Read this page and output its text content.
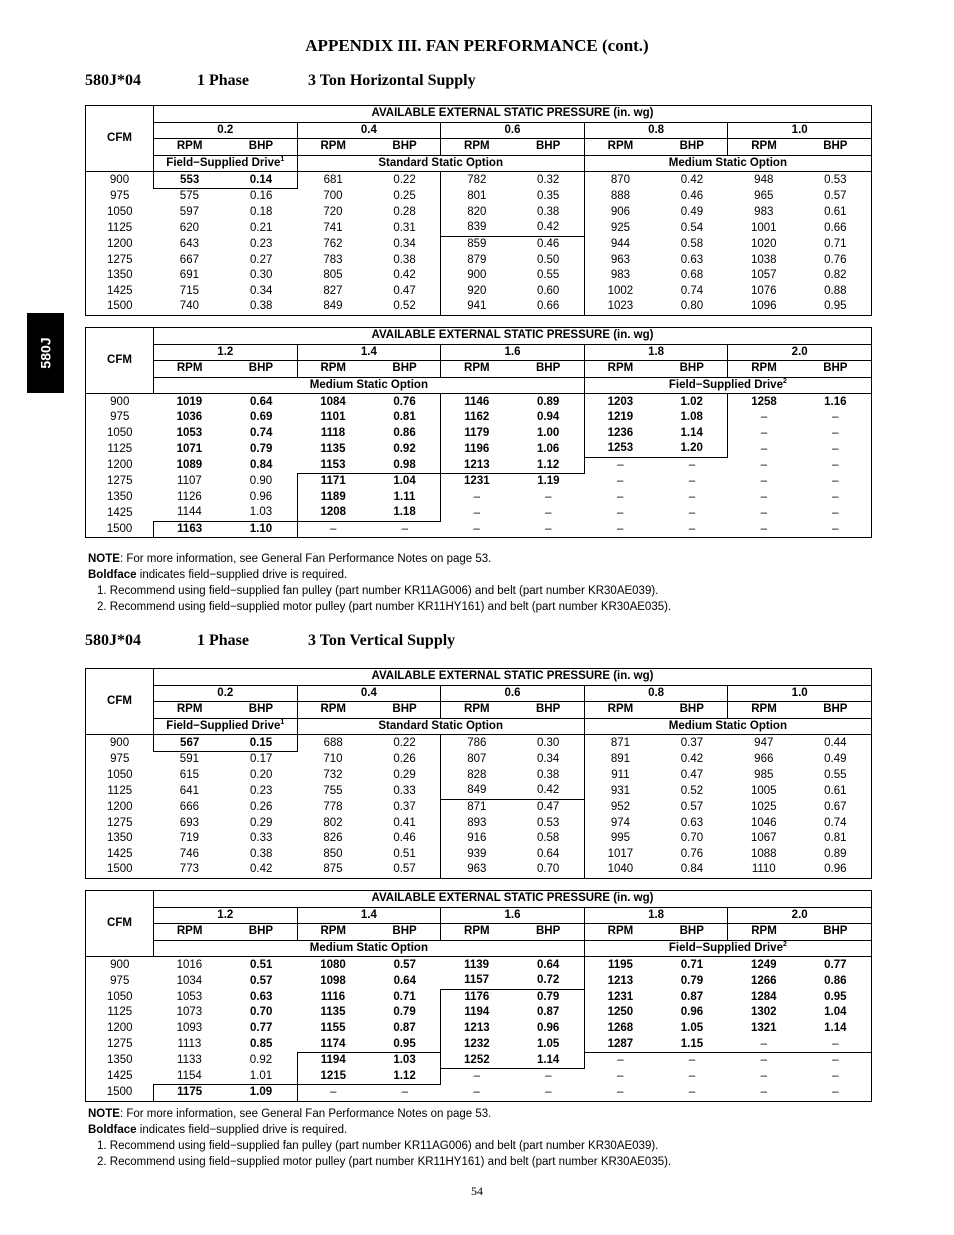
APPENDIX III. FAN PERFORMANCE (cont.)
580J
580J*04	1 Phase	3 Ton Horizontal Supply
CFM	AVAILABLE EXTERNAL STATIC PRESSURE (in. wg)									
	0.2		0.4		0.6		0.8		1.0	
	RPM	BHP	RPM	BHP	RPM	BHP	RPM	BHP	RPM	BHP
	Field−Supplied Drive$^1$		Standard Static Option				Medium Static Option			
900	553	0.14	681	0.22	782	0.32	870	0.42	948	0.53
975	575	0.16	700	0.25	801	0.35	888	0.46	965	0.57
1050	597	0.18	720	0.28	820	0.38	906	0.49	983	0.61
1125	620	0.21	741	0.31	839	0.42	925	0.54	1001	0.66
1200	643	0.23	762	0.34	859	0.46	944	0.58	1020	0.71
1275	667	0.27	783	0.38	879	0.50	963	0.63	1038	0.76
1350	691	0.30	805	0.42	900	0.55	983	0.68	1057	0.82
1425	715	0.34	827	0.47	920	0.60	1002	0.74	1076	0.88
1500	740	0.38	849	0.52	941	0.66	1023	0.80	1096	0.95
CFM	AVAILABLE EXTERNAL STATIC PRESSURE (in. wg)									
	1.2		1.4		1.6		1.8		2.0	
	RPM	BHP	RPM	BHP	RPM	BHP	RPM	BHP	RPM	BHP
	Medium Static Option						Field−Supplied Drive$^2$
900	1019	0.64	1084	0.76	1146	0.89	1203	1.02	1258	1.16
975	1036	0.69	1101	0.81	1162	0.94	1219	1.08	–	–
1050	1053	0.74	1118	0.86	1179	1.00	1236	1.14	–	–
1125	1071	0.79	1135	0.92	1196	1.06	1253	1.20	–	–
1200	1089	0.84	1153	0.98	1213	1.12	–	–	–	–
1275	1107	0.90	1171	1.04	1231	1.19	–	–	–	–
1350	1126	0.96	1189	1.11	–	–	–	–	–	–
1425	1144	1.03	1208	1.18	–	–	–	–	–	–
1500	1163	1.10	–	–	–	–	–	–	–	–
NOTE: For more information, see General Fan Performance Notes on page 53.
Boldface indicates field−supplied drive is required.
1. Recommend using field−supplied fan pulley (part number KR11AG006) and belt (part number KR30AE039).
2. Recommend using field−supplied motor pulley (part number KR11HY161) and belt (part number KR30AE035).
580J*04	1 Phase	3 Ton Vertical Supply
CFM	AVAILABLE EXTERNAL STATIC PRESSURE (in. wg)									
	0.2		0.4		0.6		0.8		1.0	
	RPM	BHP	RPM	BHP	RPM	BHP	RPM	BHP	RPM	BHP
	Field−Supplied Drive$^1$		Standard Static Option				Medium Static Option			
900	567	0.15	688	0.22	786	0.30	871	0.37	947	0.44
975	591	0.17	710	0.26	807	0.34	891	0.42	966	0.49
1050	615	0.20	732	0.29	828	0.38	911	0.47	985	0.55
1125	641	0.23	755	0.33	849	0.42	931	0.52	1005	0.61
1200	666	0.26	778	0.37	871	0.47	952	0.57	1025	0.67
1275	693	0.29	802	0.41	893	0.53	974	0.63	1046	0.74
1350	719	0.33	826	0.46	916	0.58	995	0.70	1067	0.81
1425	746	0.38	850	0.51	939	0.64	1017	0.76	1088	0.89
1500	773	0.42	875	0.57	963	0.70	1040	0.84	1110	0.96
CFM	AVAILABLE EXTERNAL STATIC PRESSURE (in. wg)									
	1.2		1.4		1.6		1.8		2.0	
	RPM	BHP	RPM	BHP	RPM	BHP	RPM	BHP	RPM	BHP
	Medium Static Option						Field−Supplied Drive$^2$
900	1016	0.51	1080	0.57	1139	0.64	1195	0.71	1249	0.77
975	1034	0.57	1098	0.64	1157	0.72	1213	0.79	1266	0.86
1050	1053	0.63	1116	0.71	1176	0.79	1231	0.87	1284	0.95
1125	1073	0.70	1135	0.79	1194	0.87	1250	0.96	1302	1.04
1200	1093	0.77	1155	0.87	1213	0.96	1268	1.05	1321	1.14
1275	1113	0.85	1174	0.95	1232	1.05	1287	1.15	–	–
1350	1133	0.92	1194	1.03	1252	1.14	–	–	–	–
1425	1154	1.01	1215	1.12	–	–	–	–	–	–
1500	1175	1.09	–	–	–	–	–	–	–	–
NOTE: For more information, see General Fan Performance Notes on page 53.
Boldface indicates field−supplied drive is required.
1. Recommend using field−supplied fan pulley (part number KR11AG006) and belt (part number KR30AE039).
2. Recommend using field−supplied motor pulley (part number KR11HY161) and belt (part number KR30AE035).
54
